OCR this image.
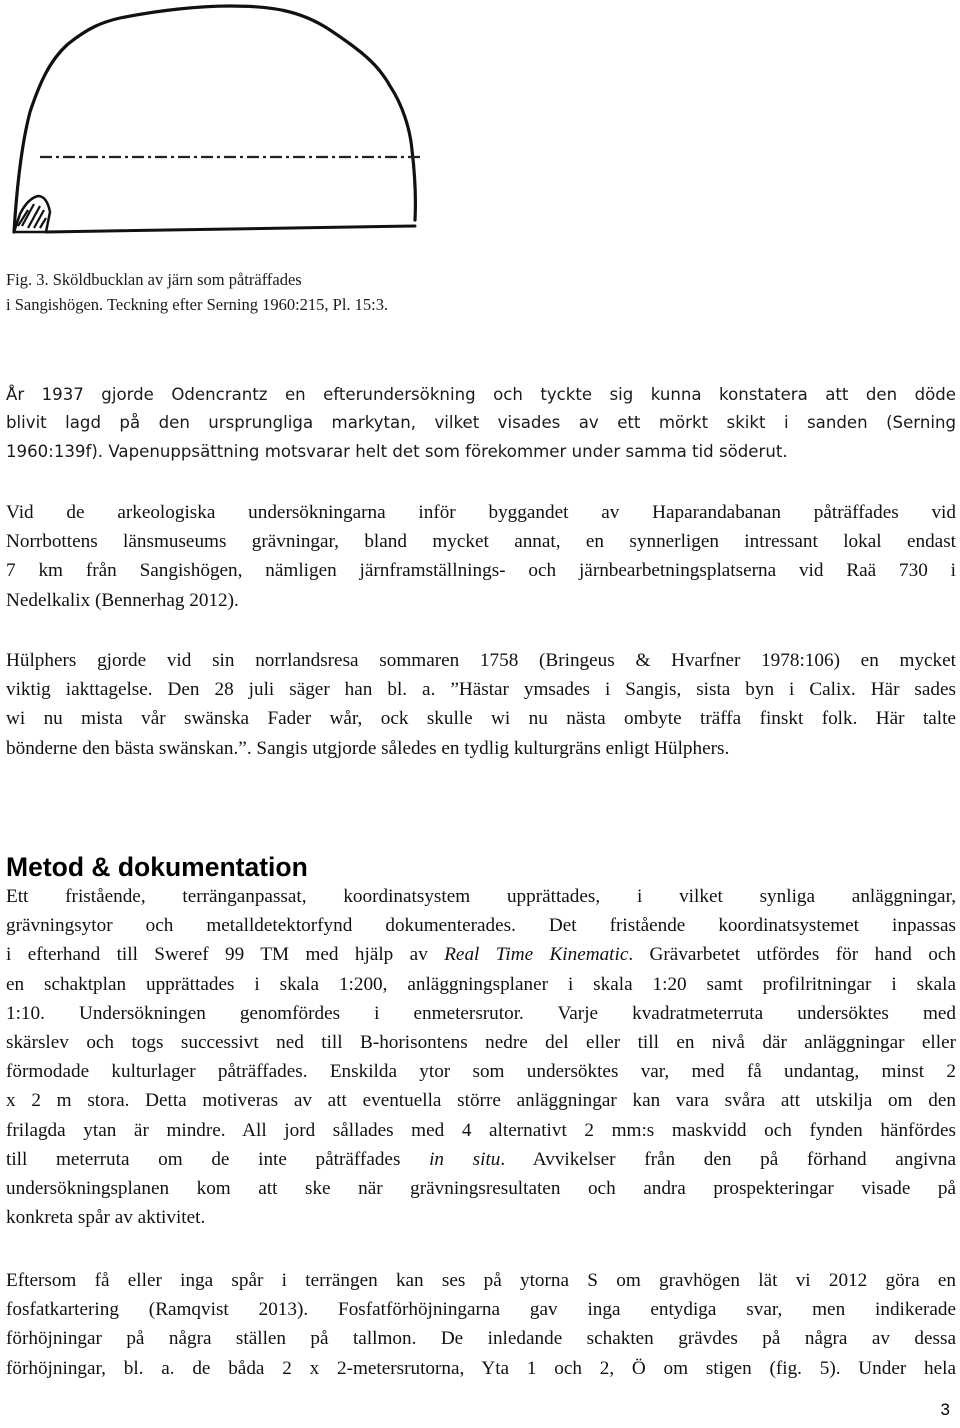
Fig. 3. Sköldbucklan av järn som påträffades
i Sangishögen. Teckning efter Serning 1960:215, Pl. 15:3.
År 1937 gjorde Odencrantz en efterundersökning och tyckte sig kunna konstatera att den döde
blivit lagd på den ursprungliga markytan, vilket visades av ett mörkt skikt i sanden (Serning
1960:139f). Vapenuppsättning motsvarar helt det som förekommer under samma tid söderut.
Vid de arkeologiska undersökningarna inför byggandet av Haparandabanan påträffades vid
Norrbottens länsmuseums grävningar, bland mycket annat, en synnerligen intressant lokal endast
7 km från Sangishögen, nämligen järnframställnings- och järnbearbetningsplatserna vid Raä 730 i
Nedelkalix (Bennerhag 2012).
Hülphers gjorde vid sin norrlandsresa sommaren 1758 (Bringeus & Hvarfner 1978:106) en mycket
viktig iakttagelse. Den 28 juli säger han bl. a. ”Hästar ymsades i Sangis, sista byn i Calix. Här sades
wi nu mista vår swänska Fader wår, ock skulle wi nu nästa ombyte träffa finskt folk. Här talte
bönderne den bästa swänskan.”. Sangis utgjorde således en tydlig kulturgräns enligt Hülphers.
Metod & dokumentation
Ett fristående, terränganpassat, koordinatsystem upprättades, i vilket synliga anläggningar,
grävningsytor och metalldetektorfynd dokumenterades. Det fristående koordinatsystemet inpassas
i efterhand till Sweref 99 TM med hjälp av Real Time Kinematic. Grävarbetet utfördes för hand och
en schaktplan upprättades i skala 1:200, anläggningsplaner i skala 1:20 samt profilritningar i skala
1:10. Undersökningen genomfördes i enmetersrutor. Varje kvadratmeterruta undersöktes med
skärslev och togs successivt ned till B-horisontens nedre del eller till en nivå där anläggningar eller
förmodade kulturlager påträffades. Enskilda ytor som undersöktes var, med få undantag, minst 2
x 2 m stora. Detta motiveras av att eventuella större anläggningar kan vara svåra att utskilja om den
frilagda ytan är mindre. All jord sållades med 4 alternativt 2 mm:s maskvidd och fynden hänfördes
till meterruta om de inte påträffades in situ. Avvikelser från den på förhand angivna
undersökningsplanen kom att ske när grävningsresultaten och andra prospekteringar visade på
konkreta spår av aktivitet.
Eftersom få eller inga spår i terrängen kan ses på ytorna S om gravhögen lät vi 2012 göra en
fosfatkartering (Ramqvist 2013). Fosfatförhöjningarna gav inga entydiga svar, men indikerade
förhöjningar på några ställen på tallmon. De inledande schakten grävdes på några av dessa
förhöjningar, bl. a. de båda 2 x 2-metersrutorna, Yta 1 och 2, Ö om stigen (fig. 5). Under hela
3
